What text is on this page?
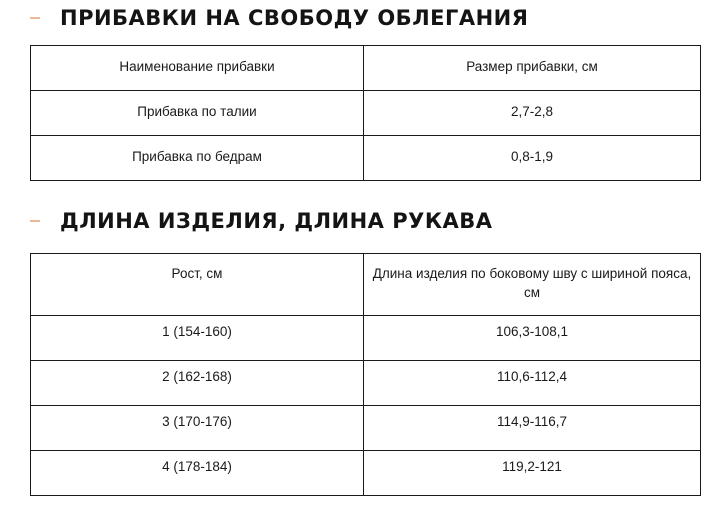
ПРИБАВКИ НА СВОБОДУ ОБЛЕГАНИЯ
Наименование прибавки	Размер прибавки, см
Прибавка по талии	2,7-2,8
Прибавка по бедрам	0,8-1,9
ДЛИНА ИЗДЕЛИЯ, ДЛИНА РУКАВА
Рост, см	Длина изделия по боковому шву с шириной пояса, см
1 (154-160)	106,3-108,1
2 (162-168)	110,6-112,4
3 (170-176)	114,9-116,7
4 (178-184)	119,2-121
